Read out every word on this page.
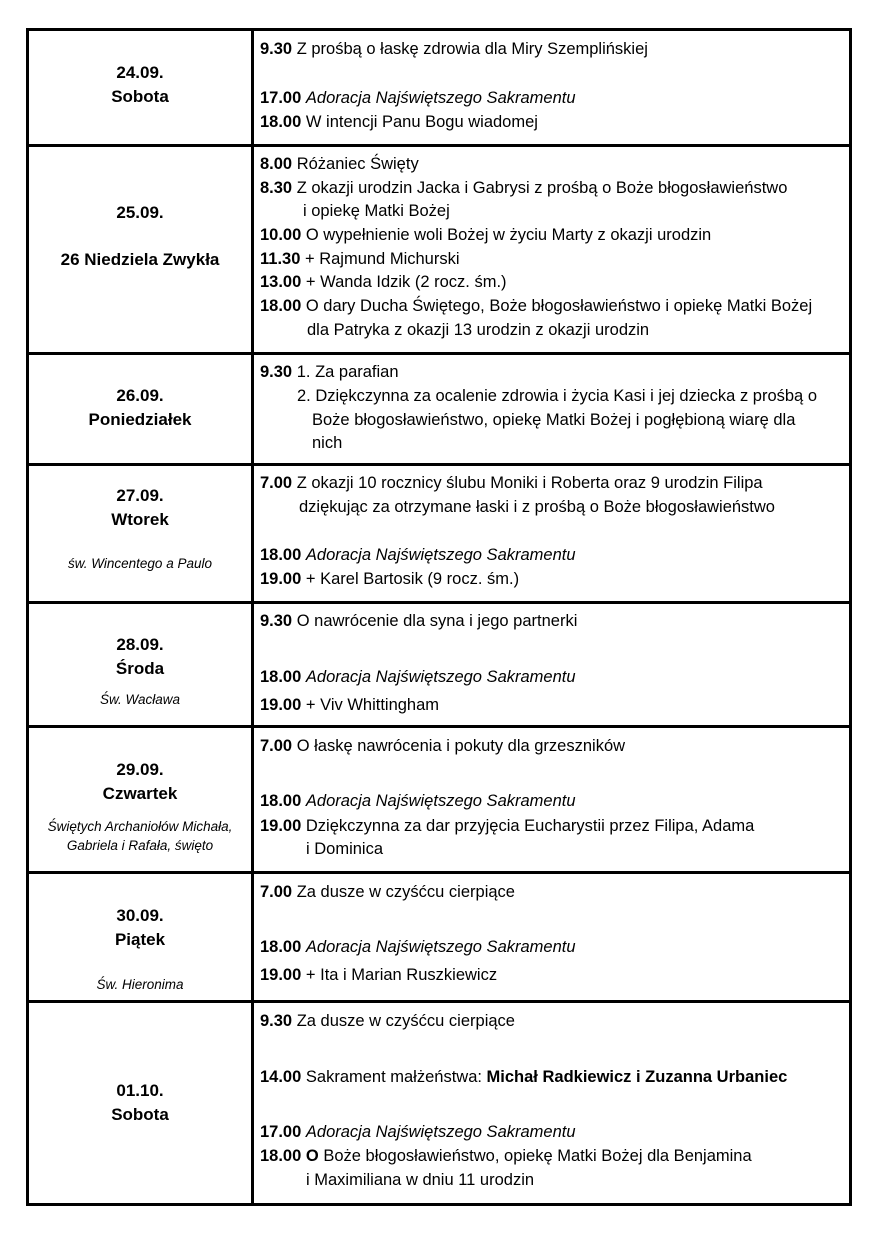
24.09.
Sobota
9.30 Z prośbą o łaskę zdrowia dla Miry Szemplińskiej
17.00 Adoracja Najświętszego Sakramentu
18.00 W intencji Panu Bogu wiadomej
25.09.
26 Niedziela Zwykła
8.00 Różaniec Święty
8.30 Z okazji urodzin Jacka i Gabrysi z prośbą o Boże błogosławieństwo
i opiekę Matki Bożej
10.00 O wypełnienie woli Bożej w życiu Marty z okazji urodzin
11.30 + Rajmund Michurski
13.00 + Wanda Idzik (2 rocz. śm.)
18.00 O dary Ducha Świętego, Boże błogosławieństwo i opiekę Matki Bożej
dla Patryka z okazji 13 urodzin z okazji urodzin
26.09.
Poniedziałek
9.30 1. Za parafian
2. Dziękczynna za ocalenie zdrowia i życia Kasi i jej dziecka z prośbą o
Boże błogosławieństwo, opiekę Matki Bożej i pogłębioną wiarę dla
nich
27.09.
Wtorek
św. Wincentego a Paulo
7.00 Z okazji 10 rocznicy ślubu Moniki i Roberta oraz 9 urodzin Filipa
dziękując za otrzymane łaski i z prośbą o Boże błogosławieństwo
18.00 Adoracja Najświętszego Sakramentu
19.00 + Karel Bartosik (9 rocz. śm.)
28.09.
Środa
Św. Wacława
9.30 O nawrócenie dla syna i jego partnerki
18.00 Adoracja Najświętszego Sakramentu
19.00 + Viv Whittingham
29.09.
Czwartek
Świętych Archaniołów Michała,
Gabriela i Rafała, święto
7.00 O łaskę nawrócenia i pokuty dla grzeszników
18.00 Adoracja Najświętszego Sakramentu
19.00 Dziękczynna za dar przyjęcia Eucharystii przez Filipa, Adama
i Dominica
30.09.
Piątek
Św. Hieronima
7.00 Za dusze w czyśćcu cierpiące
18.00 Adoracja Najświętszego Sakramentu
19.00 + Ita i Marian Ruszkiewicz
01.10.
Sobota
9.30 Za dusze w czyśćcu cierpiące
14.00 Sakrament małżeństwa: Michał Radkiewicz i Zuzanna Urbaniec
17.00 Adoracja Najświętszego Sakramentu
18.00 O Boże błogosławieństwo, opiekę Matki Bożej dla Benjamina
i Maximiliana w dniu 11 urodzin
